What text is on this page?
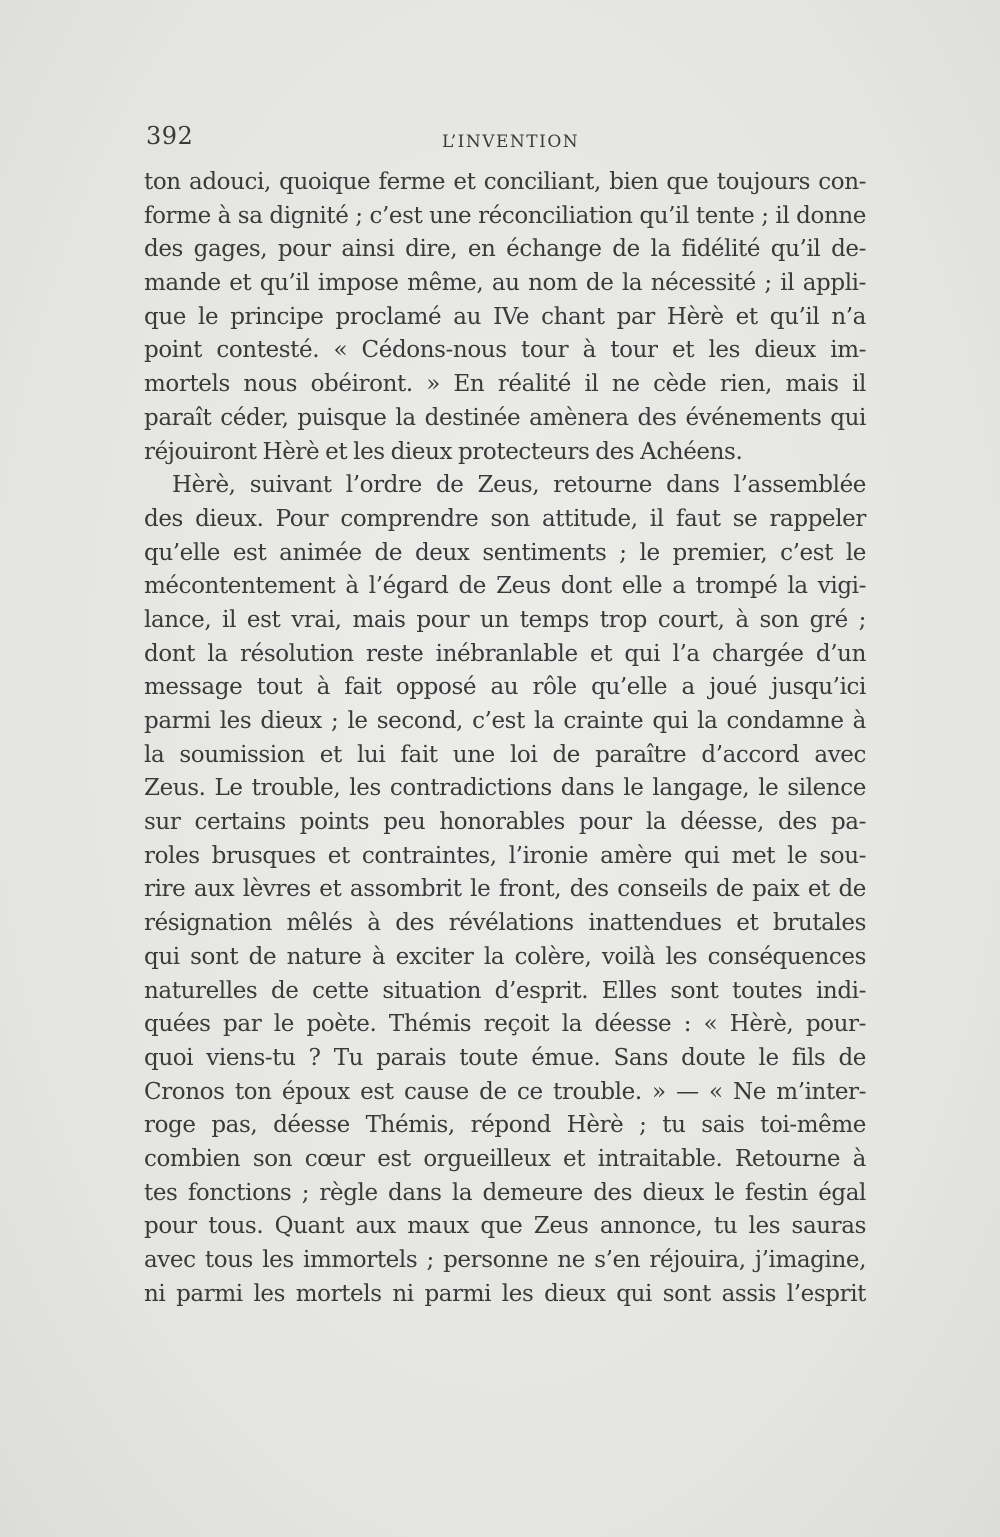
392	L’INVENTION
ton adouci, quoique ferme et conciliant, bien que toujours con-
forme à sa dignité ; c’est une réconciliation qu’il tente ; il donne
des gages, pour ainsi dire, en échange de la fidélité qu’il de-
mande et qu’il impose même, au nom de la nécessité ; il appli-
que le principe proclamé au IVe chant par Hèrè et qu’il n’a
point contesté. « Cédons-nous tour à tour et les dieux im-
mortels nous obéiront. » En réalité il ne cède rien, mais il
paraît céder, puisque la destinée amènera des événements qui
réjouiront Hèrè et les dieux protecteurs des Achéens.
Hèrè, suivant l’ordre de Zeus, retourne dans l’assemblée
des dieux. Pour comprendre son attitude, il faut se rappeler
qu’elle est animée de deux sentiments ; le premier, c’est le
mécontentement à l’égard de Zeus dont elle a trompé la vigi-
lance, il est vrai, mais pour un temps trop court, à son gré ;
dont la résolution reste inébranlable et qui l’a chargée d’un
message tout à fait opposé au rôle qu’elle a joué jusqu’ici
parmi les dieux ; le second, c’est la crainte qui la condamne à
la soumission et lui fait une loi de paraître d’accord avec
Zeus. Le trouble, les contradictions dans le langage, le silence
sur certains points peu honorables pour la déesse, des pa-
roles brusques et contraintes, l’ironie amère qui met le sou-
rire aux lèvres et assombrit le front, des conseils de paix et de
résignation mêlés à des révélations inattendues et brutales
qui sont de nature à exciter la colère, voilà les conséquences
naturelles de cette situation d’esprit. Elles sont toutes indi-
quées par le poète. Thémis reçoit la déesse : « Hèrè, pour-
quoi viens-tu ? Tu parais toute émue. Sans doute le fils de
Cronos ton époux est cause de ce trouble. » — « Ne m’inter-
roge pas, déesse Thémis, répond Hèrè ; tu sais toi-même
combien son cœur est orgueilleux et intraitable. Retourne à
tes fonctions ; règle dans la demeure des dieux le festin égal
pour tous. Quant aux maux que Zeus annonce, tu les sauras
avec tous les immortels ; personne ne s’en réjouira, j’imagine,
ni parmi les mortels ni parmi les dieux qui sont assis l’esprit
